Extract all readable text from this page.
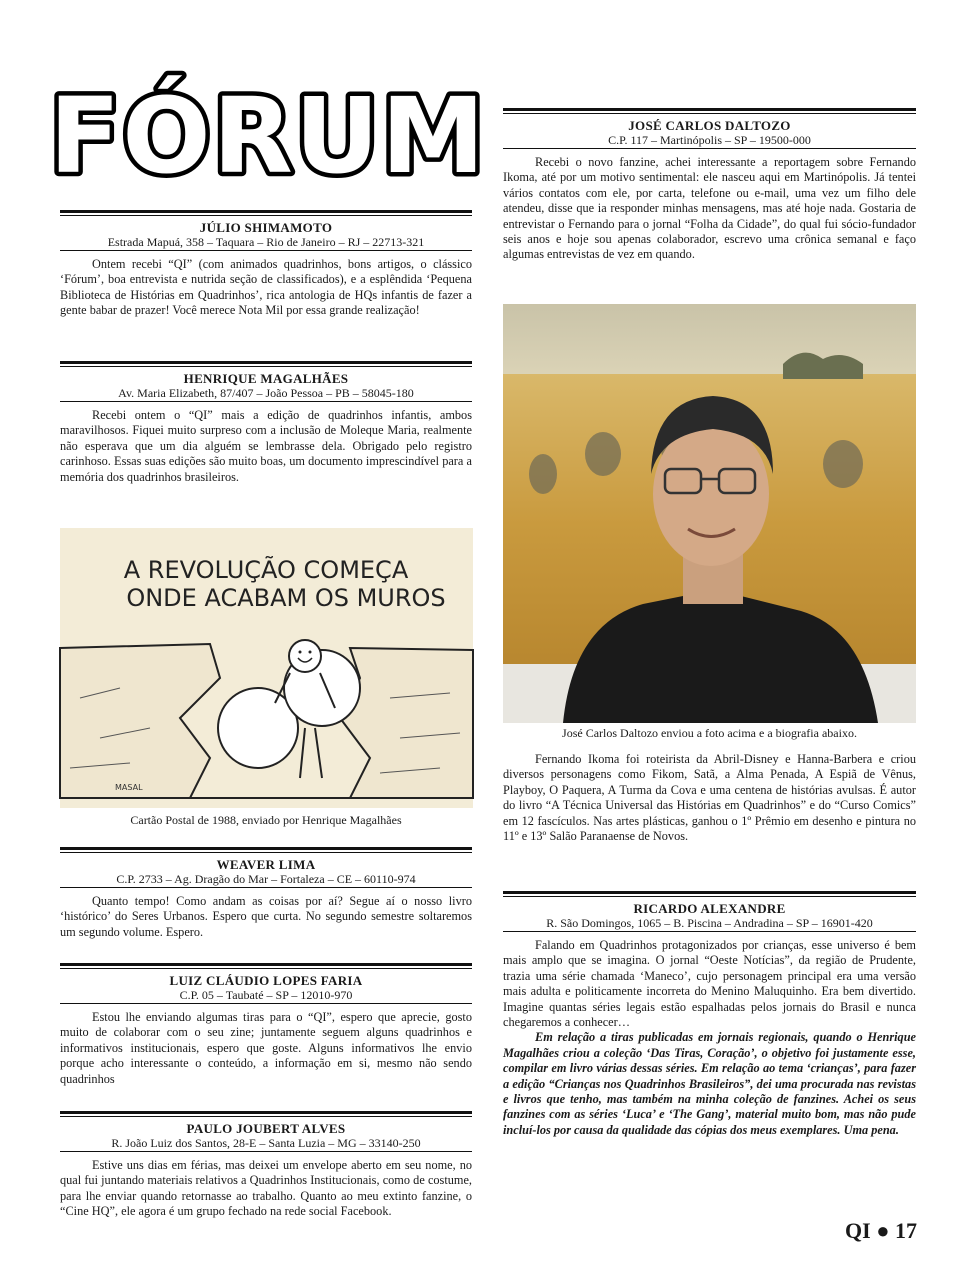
FÓRUM
JÚLIO SHIMAMOTO
Estrada Mapuá, 358 – Taquara – Rio de Janeiro – RJ – 22713-321
Ontem recebi “QI” (com animados quadrinhos, bons artigos, o clássico ‘Fórum’, boa entrevista e nutrida seção de classificados), e a esplêndida ‘Pequena Biblioteca de Histórias em Quadrinhos’, rica antologia de HQs infantis de fazer a gente babar de prazer! Você merece Nota Mil por essa grande realização!
HENRIQUE MAGALHÃES
Av. Maria Elizabeth, 87/407 – João Pessoa – PB – 58045-180
Recebi ontem o “QI” mais a edição de quadrinhos infantis, ambos maravilhosos. Fiquei muito surpreso com a inclusão de Moleque Maria, realmente não esperava que um dia alguém se lembrasse dela. Obrigado pelo registro carinhoso. Essas suas edições são muito boas, um documento imprescindível para a memória dos quadrinhos brasileiros.
A REVOLUÇÃO COMEÇA
ONDE ACABAM OS MUROS
MASAL
Cartão Postal de 1988, enviado por Henrique Magalhães
WEAVER LIMA
C.P. 2733 – Ag. Dragão do Mar – Fortaleza – CE – 60110-974
Quanto tempo! Como andam as coisas por aí? Segue aí o nosso livro ‘histórico’ do Seres Urbanos. Espero que curta. No segundo semestre soltaremos um segundo volume. Espero.
LUIZ CLÁUDIO LOPES FARIA
C.P. 05 – Taubaté – SP – 12010-970
Estou lhe enviando algumas tiras para o “QI”, espero que aprecie, gosto muito de colaborar com o seu zine; juntamente seguem alguns quadrinhos e informativos institucionais, espero que goste. Alguns informativos lhe envio porque acho interessante o conteúdo, a informação em si, mesmo não sendo quadrinhos
PAULO JOUBERT ALVES
R. João Luiz dos Santos, 28-E – Santa Luzia – MG – 33140-250
Estive uns dias em férias, mas deixei um envelope aberto em seu nome, no qual fui juntando materiais relativos a Quadrinhos Institucionais, como de costume, para lhe enviar quando retornasse ao trabalho. Quanto ao meu extinto fanzine, o “Cine HQ”, ele agora é um grupo fechado na rede social Facebook.
JOSÉ CARLOS DALTOZO
C.P. 117 – Martinópolis – SP – 19500-000
Recebi o novo fanzine, achei interessante a reportagem sobre Fernando Ikoma, até por um motivo sentimental: ele nasceu aqui em Martinópolis. Já tentei vários contatos com ele, por carta, telefone ou e-mail, uma vez um filho dele atendeu, disse que ia responder minhas mensagens, mas até hoje nada. Gostaria de entrevistar o Fernando para o jornal “Folha da Cidade”, do qual fui sócio-fundador seis anos e hoje sou apenas colaborador, escrevo uma crônica semanal e faço algumas entrevistas de vez em quando.
José Carlos Daltozo enviou a foto acima e a biografia abaixo.
Fernando Ikoma foi roteirista da Abril-Disney e Hanna-Barbera e criou diversos personagens como Fikom, Satã, a Alma Penada, A Espiã de Vênus, Playboy, O Paquera, A Turma da Cova e uma centena de histórias avulsas. É autor do livro “A Técnica Universal das Histórias em Quadrinhos” e do “Curso Comics” em 12 fascículos. Nas artes plásticas, ganhou o 1º Prêmio em desenho e pintura no 11º e 13º Salão Paranaense de Novos.
RICARDO ALEXANDRE
R. São Domingos, 1065 – B. Piscina – Andradina – SP – 16901-420
Falando em Quadrinhos protagonizados por crianças, esse universo é bem mais amplo que se imagina. O jornal “Oeste Notícias”, da região de Prudente, trazia uma série chamada ‘Maneco’, cujo personagem principal era uma versão mais adulta e politicamente incorreta do Menino Maluquinho. Era bem divertido. Imagine quantas séries legais estão espalhadas pelos jornais do Brasil e nunca chegaremos a conhecer…
Em relação a tiras publicadas em jornais regionais, quando o Henrique Magalhães criou a coleção ‘Das Tiras, Coração’, o objetivo foi justamente esse, compilar em livro várias dessas séries. Em relação ao tema ‘crianças’, para fazer a edição “Crianças nos Quadrinhos Brasileiros”, dei uma procurada nas revistas e livros que tenho, mas também na minha coleção de fanzines. Achei os seus fanzines com as séries ‘Luca’ e ‘The Gang’, material muito bom, mas não pude incluí-los por causa da qualidade das cópias dos meus exemplares. Uma pena.
QI ● 17
